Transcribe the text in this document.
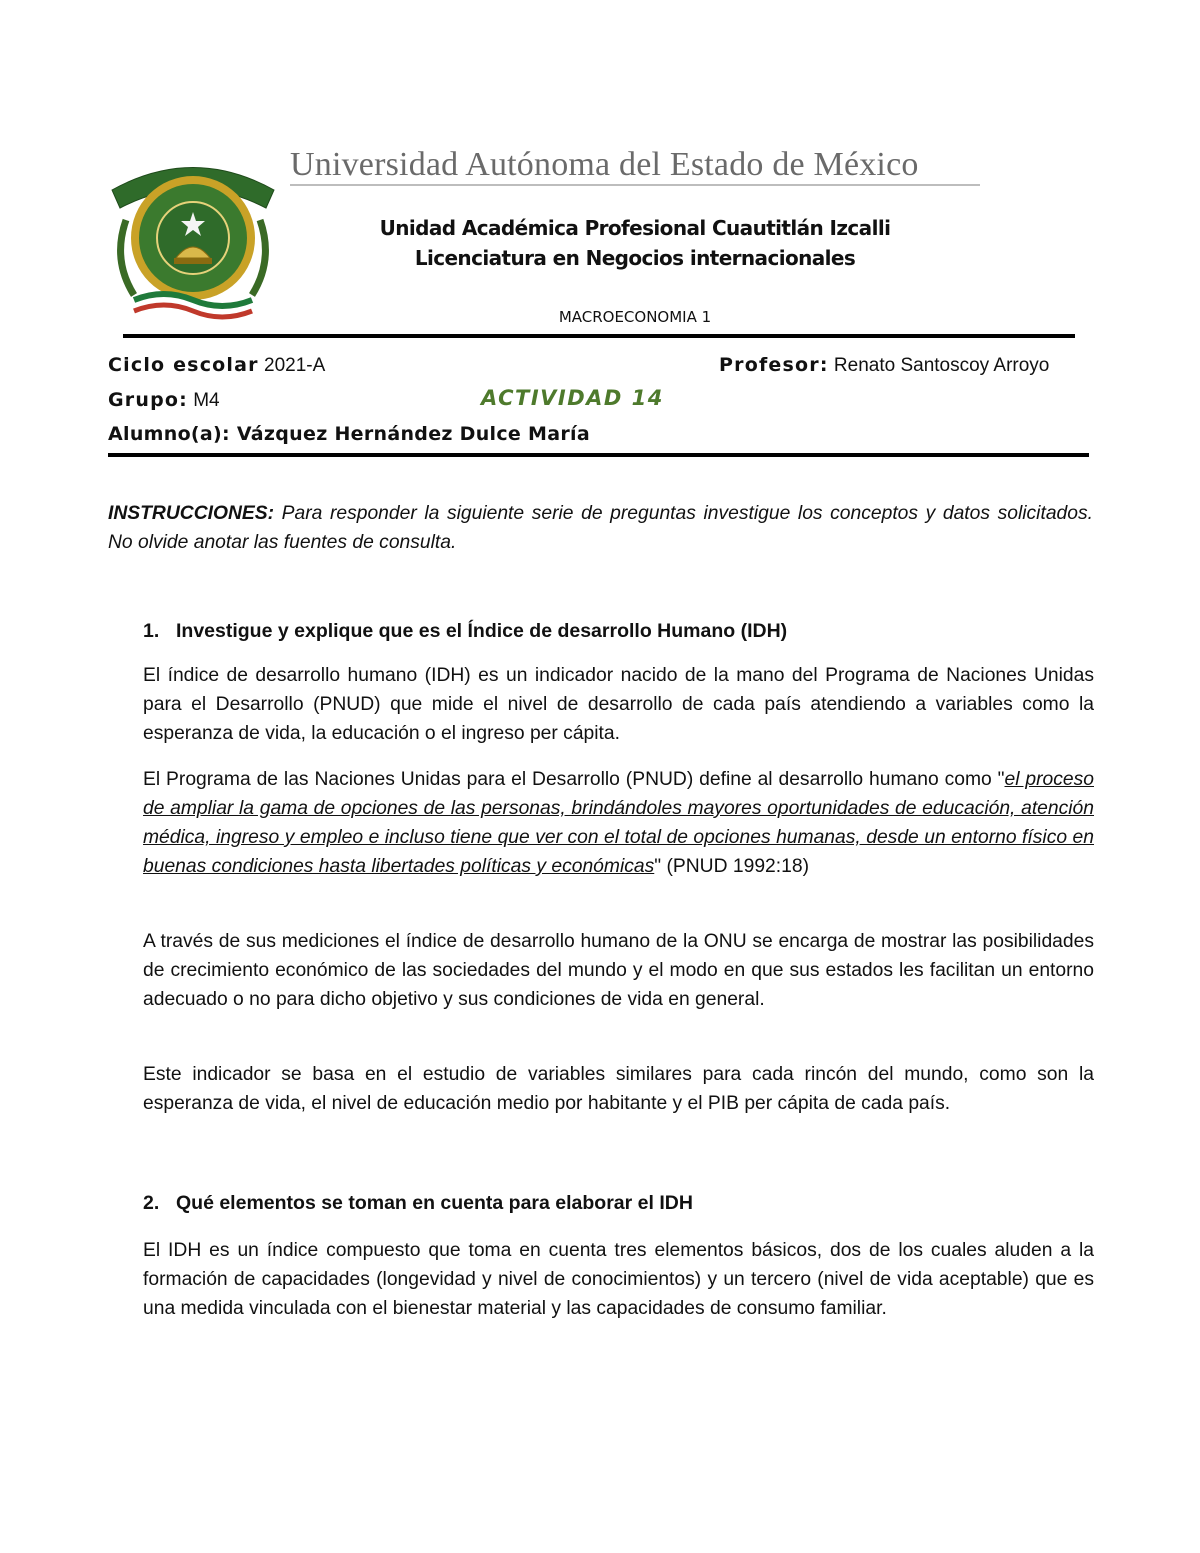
Universidad Autónoma del Estado de México
Unidad Académica Profesional Cuautitlán Izcalli
Licenciatura en Negocios internacionales
MACROECONOMIA 1
Ciclo escolar 2021-A	Profesor: Renato Santoscoy Arroyo
Grupo: M4	ACTIVIDAD 14
Alumno(a): Vázquez Hernández Dulce María
INSTRUCCIONES: Para responder la siguiente serie de preguntas investigue los conceptos y datos solicitados. No olvide anotar las fuentes de consulta.
1. Investigue y explique que es el Índice de desarrollo Humano (IDH)
El índice de desarrollo humano (IDH) es un indicador nacido de la mano del Programa de Naciones Unidas para el Desarrollo (PNUD) que mide el nivel de desarrollo de cada país atendiendo a variables como la esperanza de vida, la educación o el ingreso per cápita.
El Programa de las Naciones Unidas para el Desarrollo (PNUD) define al desarrollo humano como "el proceso de ampliar la gama de opciones de las personas, brindándoles mayores oportunidades de educación, atención médica, ingreso y empleo e incluso tiene que ver con el total de opciones humanas, desde un entorno físico en buenas condiciones hasta libertades políticas y económicas" (PNUD 1992:18)
A través de sus mediciones el índice de desarrollo humano de la ONU se encarga de mostrar las posibilidades de crecimiento económico de las sociedades del mundo y el modo en que sus estados les facilitan un entorno adecuado o no para dicho objetivo y sus condiciones de vida en general.
Este indicador se basa en el estudio de variables similares para cada rincón del mundo, como son la esperanza de vida, el nivel de educación medio por habitante y el PIB per cápita de cada país.
2. Qué elementos se toman en cuenta para elaborar el IDH
El IDH es un índice compuesto que toma en cuenta tres elementos básicos, dos de los cuales aluden a la formación de capacidades (longevidad y nivel de conocimientos) y un tercero (nivel de vida aceptable) que es una medida vinculada con el bienestar material y las capacidades de consumo familiar.
